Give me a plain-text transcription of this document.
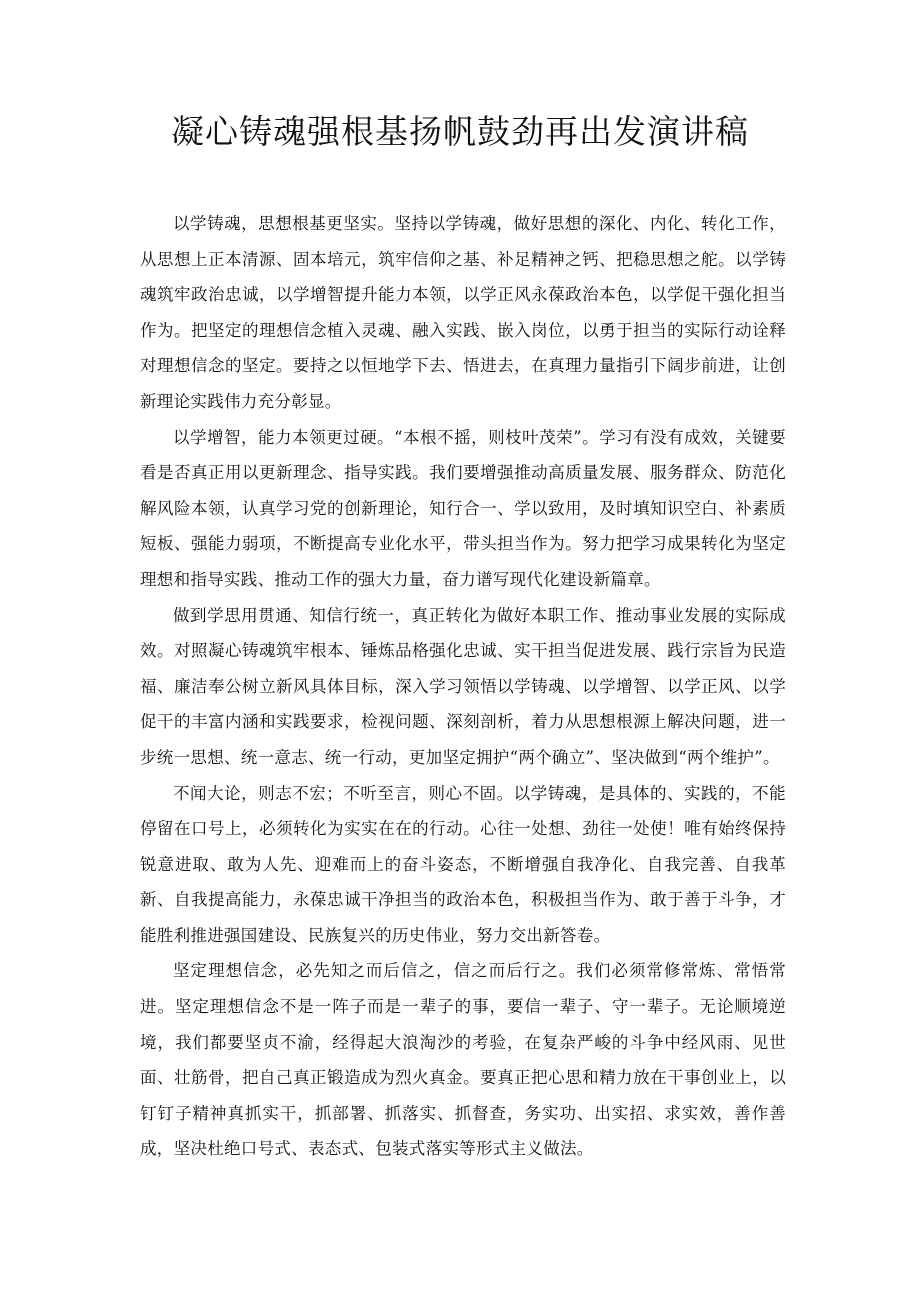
凝心铸魂强根基扬帆鼓劲再出发演讲稿

以学铸魂，思想根基更坚实。坚持以学铸魂，做好思想的深化、内化、转化工作，从思想上正本清源、固本培元，筑牢信仰之基、补足精神之钙、把稳思想之舵。以学铸魂筑牢政治忠诚，以学增智提升能力本领，以学正风永葆政治本色，以学促干强化担当作为。把坚定的理想信念植入灵魂、融入实践、嵌入岗位，以勇于担当的实际行动诠释对理想信念的坚定。要持之以恒地学下去、悟进去，在真理力量指引下阔步前进，让创新理论实践伟力充分彰显。

以学增智，能力本领更过硬。“本根不摇，则枝叶茂荣”。学习有没有成效，关键要看是否真正用以更新理念、指导实践。我们要增强推动高质量发展、服务群众、防范化解风险本领，认真学习党的创新理论，知行合一、学以致用，及时填知识空白、补素质短板、强能力弱项，不断提高专业化水平，带头担当作为。努力把学习成果转化为坚定理想和指导实践、推动工作的强大力量，奋力谱写现代化建设新篇章。

做到学思用贯通、知信行统一，真正转化为做好本职工作、推动事业发展的实际成效。对照凝心铸魂筑牢根本、锤炼品格强化忠诚、实干担当促进发展、践行宗旨为民造福、廉洁奉公树立新风具体目标，深入学习领悟以学铸魂、以学增智、以学正风、以学促干的丰富内涵和实践要求，检视问题、深刻剖析，着力从思想根源上解决问题，进一步统一思想、统一意志、统一行动，更加坚定拥护“两个确立”、坚决做到“两个维护”。

不闻大论，则志不宏；不听至言，则心不固。以学铸魂，是具体的、实践的，不能停留在口号上，必须转化为实实在在的行动。心往一处想、劲往一处使！唯有始终保持锐意进取、敢为人先、迎难而上的奋斗姿态，不断增强自我净化、自我完善、自我革新、自我提高能力，永葆忠诚干净担当的政治本色，积极担当作为、敢于善于斗争，才能胜利推进强国建设、民族复兴的历史伟业，努力交出新答卷。

坚定理想信念，必先知之而后信之，信之而后行之。我们必须常修常炼、常悟常进。坚定理想信念不是一阵子而是一辈子的事，要信一辈子、守一辈子。无论顺境逆境，我们都要坚贞不渝，经得起大浪淘沙的考验，在复杂严峻的斗争中经风雨、见世面、壮筋骨，把自己真正锻造成为烈火真金。要真正把心思和精力放在干事创业上，以钉钉子精神真抓实干，抓部署、抓落实、抓督查，务实功、出实招、求实效，善作善成，坚决杜绝口号式、表态式、包装式落实等形式主义做法。
